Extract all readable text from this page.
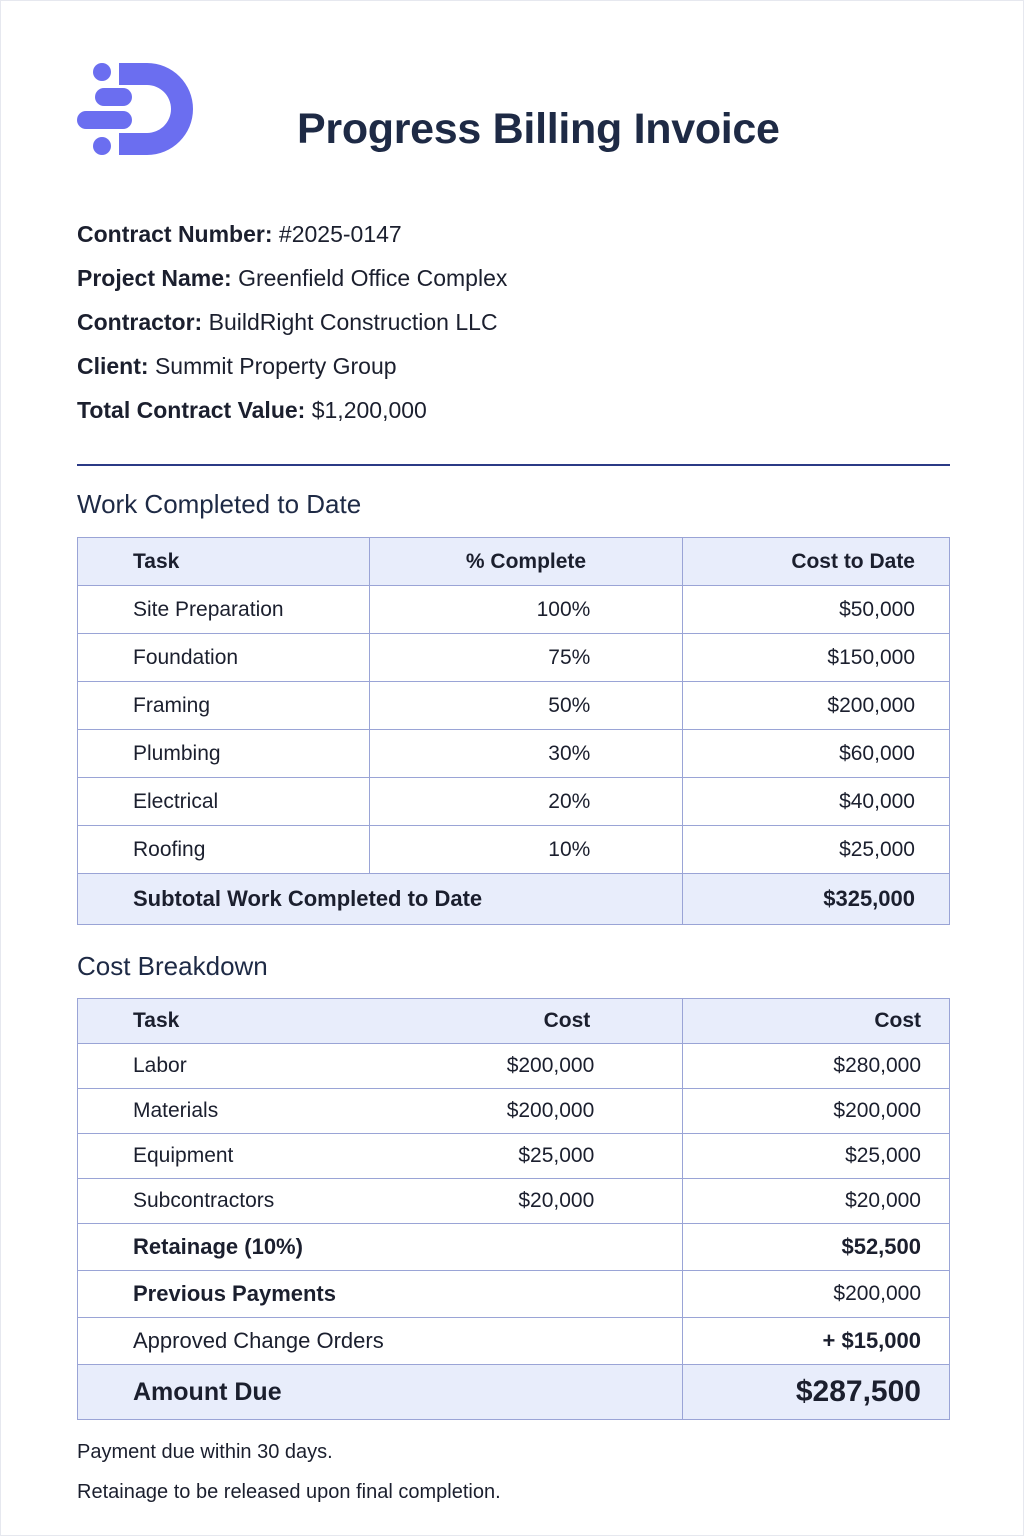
Progress Billing Invoice
Contract Number: #2025-0147
Project Name: Greenfield Office Complex
Contractor: BuildRight Construction LLC
Client: Summit Property Group
Total Contract Value: $1,200,000
Work Completed to Date
Task	% Complete	Cost to Date
Site Preparation	100%	$50,000
Foundation	75%	$150,000
Framing	50%	$200,000
Plumbing	30%	$60,000
Electrical	20%	$40,000
Roofing	10%	$25,000
Subtotal Work Completed to Date		$325,000
Cost Breakdown
Task	Cost	Cost
Labor	$200,000	$280,000
Materials	$200,000	$200,000
Equipment	$25,000	$25,000
Subcontractors	$20,000	$20,000
Retainage (10%)		$52,500
Previous Payments		$200,000
Approved Change Orders		+ $15,000
Amount Due		$287,500
Payment due within 30 days.
Retainage to be released upon final completion.
